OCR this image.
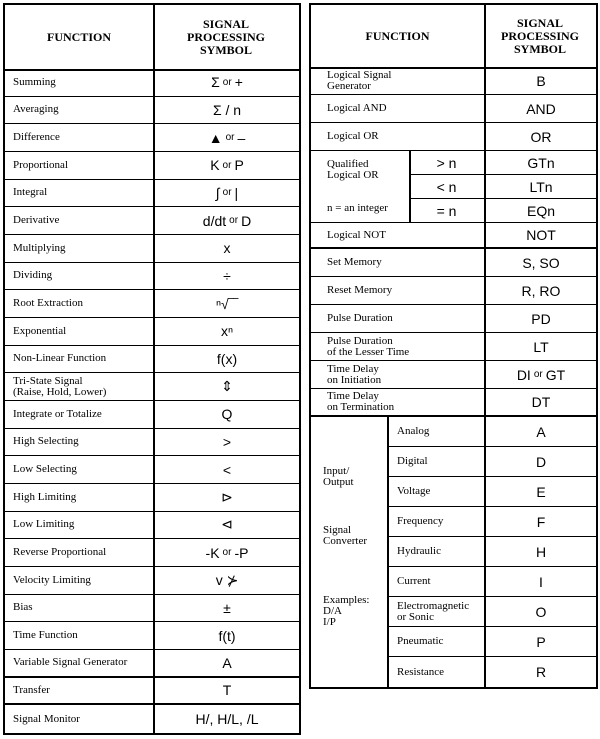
FUNCTION
SIGNAL
PROCESSING
SYMBOL
Summing	Σ or +
Averaging	Σ / n
Difference	▲ or –
Proportional	K or P
Integral	∫ or |
Derivative	d/dt or D
Multiplying	x
Dividing	÷
Root Extraction	ⁿ√‾‾
Exponential	xⁿ
Non-Linear Function	f(x)
Tri-State Signal
(Raise, Hold, Lower)	⇕
Integrate or Totalize	Q
High Selecting	>
Low Selecting	<
High Limiting	⊳
Low Limiting	⊲
Reverse Proportional	-K or -P
Velocity Limiting	v ⊁
Bias	±
Time Function	f(t)
Variable Signal Generator	A
Transfer	T
Signal Monitor	H/, H/L, /L
FUNCTION
SIGNAL
PROCESSING
SYMBOL
Logical Signal
Generator	B
Logical AND	AND
Logical OR	OR
Qualified
Logical OR
n = an integer
> n	GTn
< n	LTn
= n	EQn
Logical NOT	NOT
Set Memory	S, SO
Reset Memory	R, RO
Pulse Duration	PD
Pulse Duration
of the Lesser Time	LT
Time Delay
on Initiation	DI or GT
Time Delay
on Termination	DT
Input/
Output
Signal
Converter
Examples:
D/A
I/P
Analog	A
Digital	D
Voltage	E
Frequency	F
Hydraulic	H
Current	I
Electromagnetic
or Sonic	O
Pneumatic	P
Resistance	R
